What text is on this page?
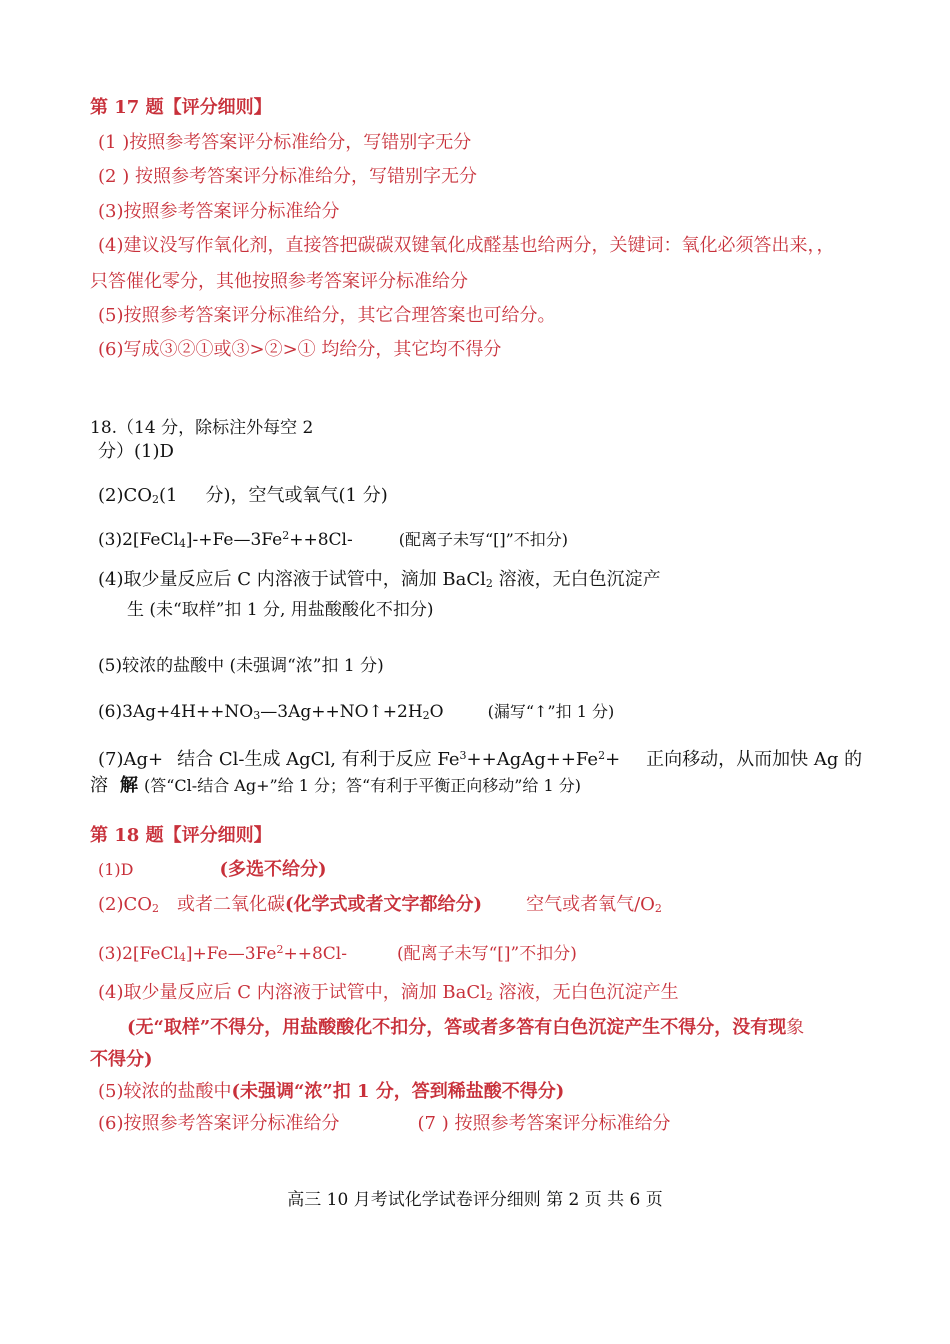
第 17 题【评分细则】
(1 )按照参考答案评分标准给分，写错别字无分
(2 ) 按照参考答案评分标准给分，写错别字无分
(3)按照参考答案评分标准给分
(4)建议没写作氧化剂，直接答把碳碳双键氧化成醛基也给两分，关键词：氧化必须答出来，，
只答催化零分，其他按照参考答案评分标准给分
(5)按照参考答案评分标准给分，其它合理答案也可给分。
(6)写成③②①或③>②>① 均给分，其它均不得分
18.（14 分，除标注外每空 2
分）(1)D
$(2)CO_2(1$ 分)，空气或氧气(1 分)
$(3)2[FeCl_4]-+Fe—3Fe^2++8Cl-$	(配离子未写“[]”不扣分)
(4)取少量反应后 C 内溶液于试管中，滴加 BaCl$_2$ 溶液，无白色沉淀产
生 (未“取样”扣 1 分, 用盐酸酸化不扣分)
(5)较浓的盐酸中 (未强调“浓”扣 1 分)
$(6)3Ag+4H++NO_3—3Ag++NO↑+2H_2O$	(漏写“↑”扣 1 分)
(7)Ag+ 结合 Cl-生成 AgCl, 有利于反应 $Fe^3++AgAg++Fe^2+$ 正向移动，从而加快 Ag 的
溶 解 (答“Cl-结合 Ag+”给 1 分；答“有利于平衡正向移动”给 1 分)
第 18 题【评分细则】
(1)D	(多选不给分)
$(2)CO_2$ 或者二氧化碳(化学式或者文字都给分) 空气或者氧气$/O_2$
$(3)2[FeCl_4]+Fe—3Fe^2++8Cl-$	(配离子未写“[]”不扣分)
(4)取少量反应后 C 内溶液于试管中，滴加 BaCl$_2$ 溶液，无白色沉淀产生
(无“取样”不得分，用盐酸酸化不扣分，答或者多答有白色沉淀产生不得分，没有现象
不得分)
(5)较浓的盐酸中(未强调“浓”扣 1 分，答到稀盐酸不得分)
(6)按照参考答案评分标准给分	(7 ) 按照参考答案评分标准给分
高三 10 月考试化学试卷评分细则 第 2 页 共 6 页
